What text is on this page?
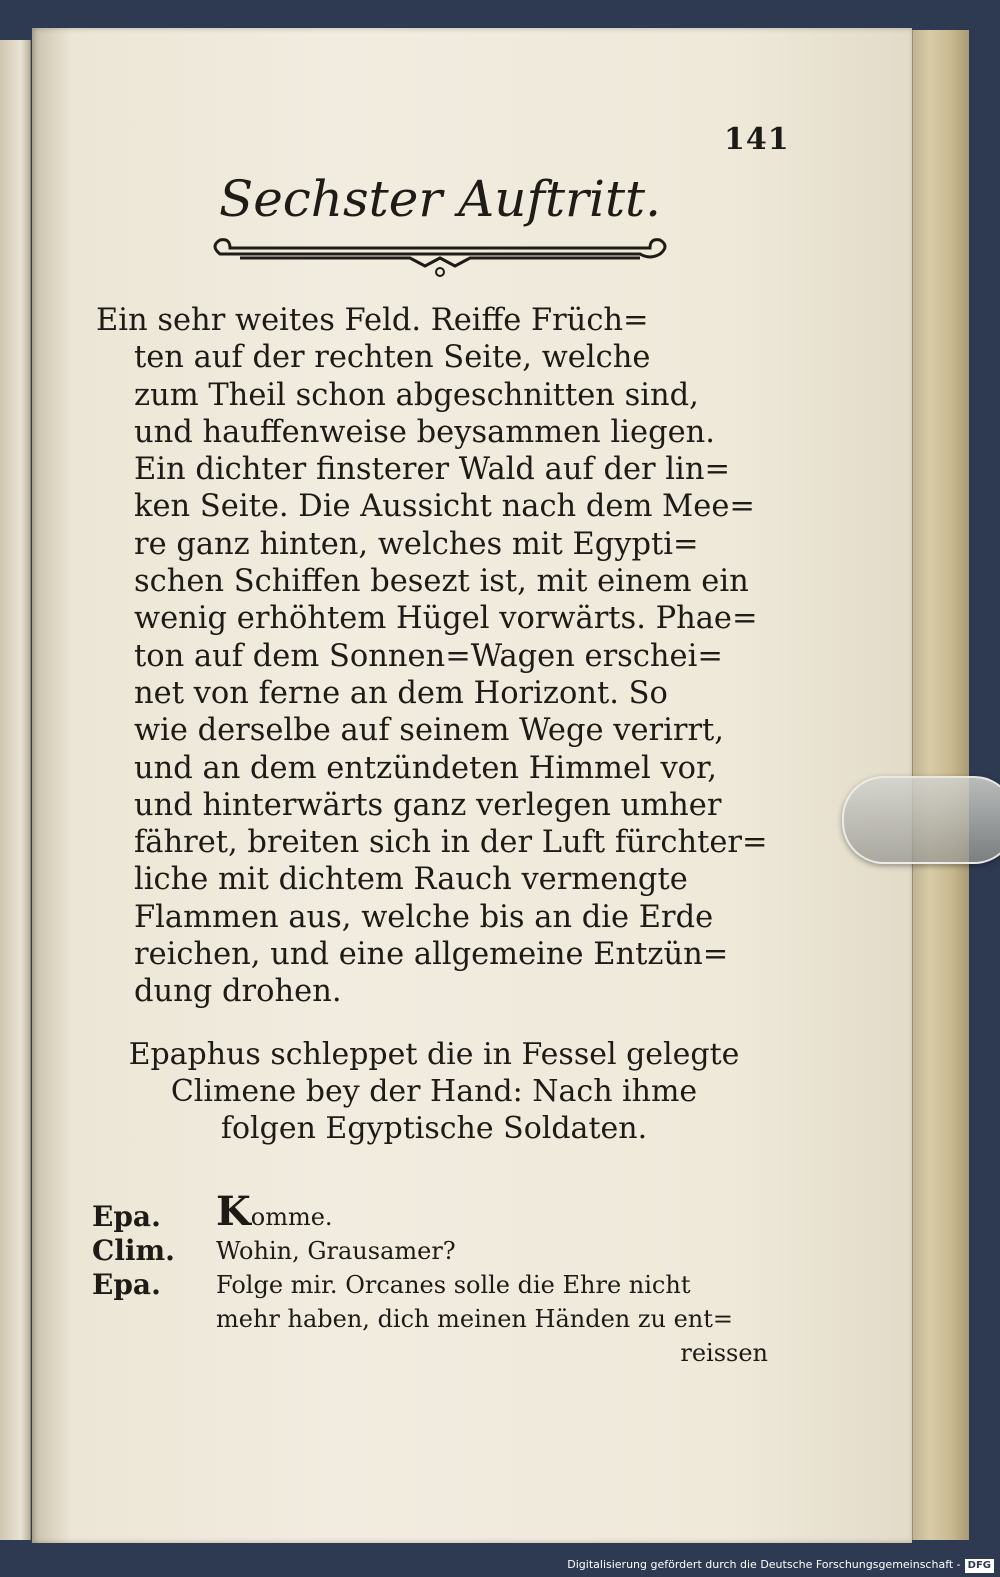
141
Sechster Auftritt.
Ein sehr weites Feld. Reiffe Früch=
ten auf der rechten Seite, welche
zum Theil schon abgeschnitten sind,
und hauffenweise beysammen liegen.
Ein dichter finsterer Wald auf der lin=
ken Seite. Die Aussicht nach dem Mee=
re ganz hinten, welches mit Egypti=
schen Schiffen besezt ist, mit einem ein
wenig erhöhtem Hügel vorwärts. Phae=
ton auf dem Sonnen=Wagen erschei=
net von ferne an dem Horizont. So
wie derselbe auf seinem Wege verirrt,
und an dem entzündeten Himmel vor,
und hinterwärts ganz verlegen umher
fähret, breiten sich in der Luft fürchter=
liche mit dichtem Rauch vermengte
Flammen aus, welche bis an die Erde
reichen, und eine allgemeine Entzün=
dung drohen.
Epaphus schleppet die in Fessel gelegte
Climene bey der Hand: Nach ihme
folgen Egyptische Soldaten.
Epa. Komme.
Clim. Wohin, Grausamer?
Epa. Folge mir. Orcanes solle die Ehre nicht
mehr haben, dich meinen Händen zu ent=
reissen
Digitalisierung gefördert durch die Deutsche Forschungsgemeinschaft - DFG
